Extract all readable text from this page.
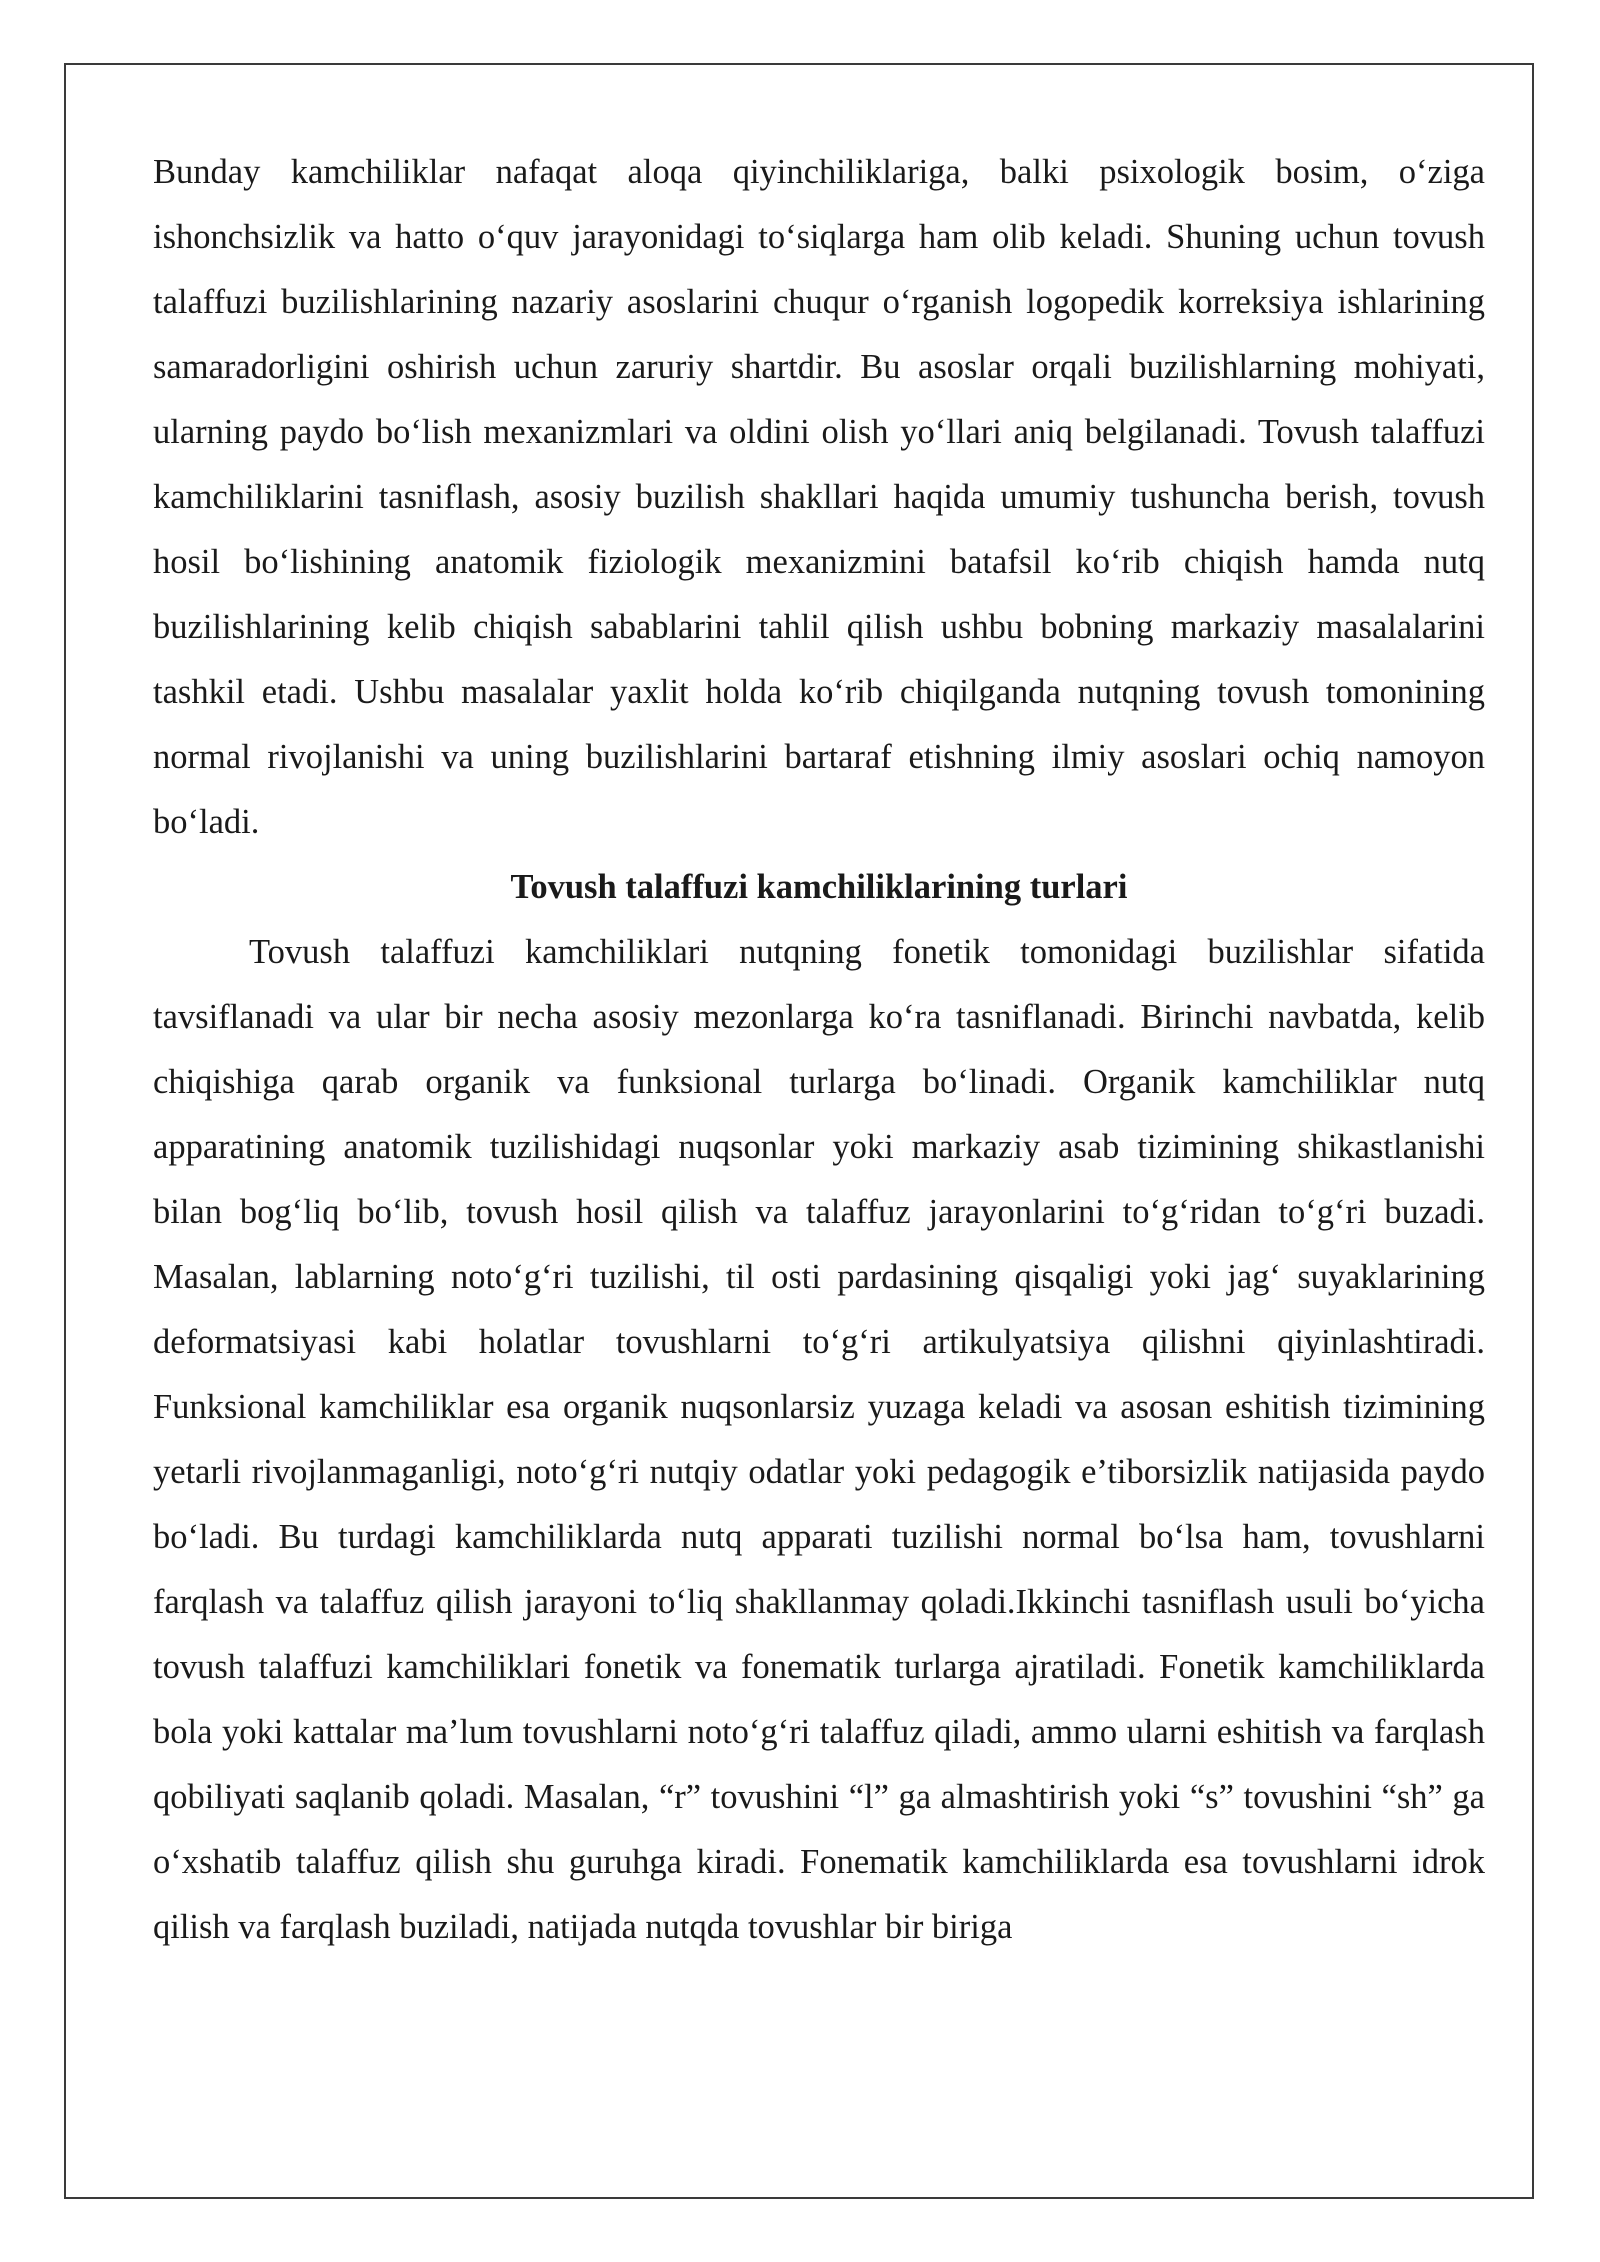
Bunday kamchiliklar nafaqat aloqa qiyinchiliklariga, balki psixologik bosim, o‘ziga ishonchsizlik va hatto o‘quv jarayonidagi to‘siqlarga ham olib keladi. Shuning uchun tovush talaffuzi buzilishlarining nazariy asoslarini chuqur o‘rganish logopedik korreksiya ishlarining samaradorligini oshirish uchun zaruriy shartdir. Bu asoslar orqali buzilishlarning mohiyati, ularning paydo bo‘lish mexanizmlari va oldini olish yo‘llari aniq belgilanadi. Tovush talaffuzi kamchiliklarini tasniflash, asosiy buzilish shakllari haqida umumiy tushuncha berish, tovush hosil bo‘lishining anatomik fiziologik mexanizmini batafsil ko‘rib chiqish hamda nutq buzilishlarining kelib chiqish sabablarini tahlil qilish ushbu bobning markaziy masalalarini tashkil etadi. Ushbu masalalar yaxlit holda ko‘rib chiqilganda nutqning tovush tomonining normal rivojlanishi va uning buzilishlarini bartaraf etishning ilmiy asoslari ochiq namoyon bo‘ladi.

Tovush talaffuzi kamchiliklarining turlari

Tovush talaffuzi kamchiliklari nutqning fonetik tomonidagi buzilishlar sifatida tavsiflanadi va ular bir necha asosiy mezonlarga ko‘ra tasniflanadi. Birinchi navbatda, kelib chiqishiga qarab organik va funksional turlarga bo‘linadi. Organik kamchiliklar nutq apparatining anatomik tuzilishidagi nuqsonlar yoki markaziy asab tizimining shikastlanishi bilan bog‘liq bo‘lib, tovush hosil qilish va talaffuz jarayonlarini to‘g‘ridan to‘g‘ri buzadi. Masalan, lablarning noto‘g‘ri tuzilishi, til osti pardasining qisqaligi yoki jag‘ suyaklarining deformatsiyasi kabi holatlar tovushlarni to‘g‘ri artikulyatsiya qilishni qiyinlashtiradi. Funksional kamchiliklar esa organik nuqsonlarsiz yuzaga keladi va asosan eshitish tizimining yetarli rivojlanmaganligi, noto‘g‘ri nutqiy odatlar yoki pedagogik e’tiborsizlik natijasida paydo bo‘ladi. Bu turdagi kamchiliklarda nutq apparati tuzilishi normal bo‘lsa ham, tovushlarni farqlash va talaffuz qilish jarayoni to‘liq shakllanmay qoladi.Ikkinchi tasniflash usuli bo‘yicha tovush talaffuzi kamchiliklari fonetik va fonematik turlarga ajratiladi. Fonetik kamchiliklarda bola yoki kattalar ma’lum tovushlarni noto‘g‘ri talaffuz qiladi, ammo ularni eshitish va farqlash qobiliyati saqlanib qoladi. Masalan, “r” tovushini “l” ga almashtirish yoki “s” tovushini “sh” ga o‘xshatib talaffuz qilish shu guruhga kiradi. Fonematik kamchiliklarda esa tovushlarni idrok qilish va farqlash buziladi, natijada nutqda tovushlar bir biriga
